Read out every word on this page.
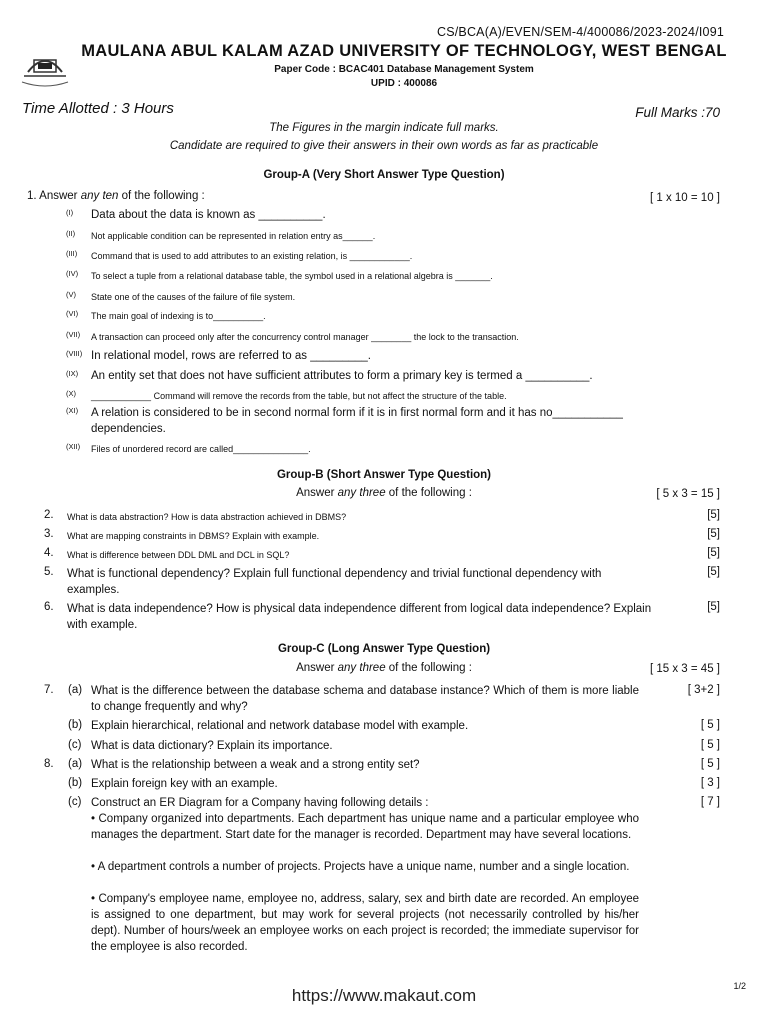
CS/BCA(A)/EVEN/SEM-4/400086/2023-2024/I091
MAULANA ABUL KALAM AZAD UNIVERSITY OF TECHNOLOGY, WEST BENGAL
Paper Code : BCAC401 Database Management System
UPID : 400086
Time Allotted : 3 Hours	Full Marks :70
The Figures in the margin indicate full marks.
Candidate are required to give their answers in their own words as far as practicable
Group-A (Very Short Answer Type Question)
1. Answer any ten of the following :	[ 1 x 10 = 10 ]
(I) Data about the data is known as __________.
(II) Not applicable condition can be represented in relation entry as______.
(III) Command that is used to add attributes to an existing relation, is ____________.
(IV) To select a tuple from a relational database table, the symbol used in a relational algebra is _______.
(V) State one of the causes of the failure of file system.
(VI) The main goal of indexing is to__________.
(VII) A transaction can proceed only after the concurrency control manager ________ the lock to the transaction.
(VIII) In relational model, rows are referred to as _________.
(IX) An entity set that does not have sufficient attributes to form a primary key is termed a __________.
(X) ____________ Command will remove the records from the table, but not affect the structure of the table.
(XI) A relation is considered to be in second normal form if it is in first normal form and it has no___________ dependencies.
(XII) Files of unordered record are called_______________.
Group-B (Short Answer Type Question)
Answer any three of the following :	[ 5 x 3 = 15 ]
2. What is data abstraction? How is data abstraction achieved in DBMS?	[5]
3. What are mapping constraints in DBMS? Explain with example.	[5]
4. What is difference between DDL DML and DCL in SQL?	[5]
5. What is functional dependency? Explain full functional dependency and trivial functional dependency with examples.
[5]
6. What is data independence? How is physical data independence different from logical data independence? Explain with example.
[5]
Group-C (Long Answer Type Question)
Answer any three of the following :	[ 15 x 3 = 45 ]
7. (a) What is the difference between the database schema and database instance? Which of them is more liable to change frequently and why?
[ 3+2 ]
(b) Explain hierarchical, relational and network database model with example.	[ 5 ]
(c) What is data dictionary? Explain its importance.	[ 5 ]
8. (a) What is the relationship between a weak and a strong entity set?	[ 5 ]
(b) Explain foreign key with an example.	[ 3 ]
(c) Construct an ER Diagram for a Company having following details :	[ 7 ]
• Company organized into departments. Each department has unique name and a particular employee who manages the department. Start date for the manager is recorded. Department may have several locations.
• A department controls a number of projects. Projects have a unique name, number and a single location.
• Company's employee name, employee no, address, salary, sex and birth date are recorded. An employee is assigned to one department, but may work for several projects (not necessarily controlled by his/her dept). Number of hours/week an employee works on each project is recorded; the immediate supervisor for the employee is also recorded.
1/2
https://www.makaut.com
